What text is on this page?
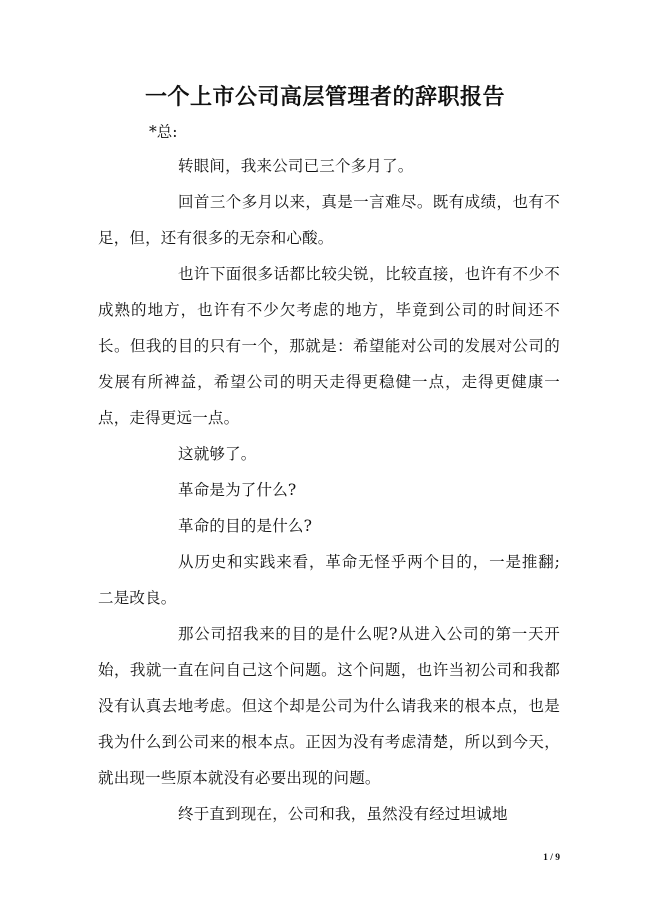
一个上市公司高层管理者的辞职报告

*总:

转眼间，我来公司已三个多月了。

回首三个多月以来，真是一言难尽。既有成绩，也有不足，但，还有很多的无奈和心酸。

也许下面很多话都比较尖锐，比较直接，也许有不少不成熟的地方，也许有不少欠考虑的地方，毕竟到公司的时间还不长。但我的目的只有一个，那就是：希望能对公司的发展对公司的发展有所裨益，希望公司的明天走得更稳健一点，走得更健康一点，走得更远一点。

这就够了。

革命是为了什么?

革命的目的是什么?

从历史和实践来看，革命无怪乎两个目的，一是推翻;二是改良。

那公司招我来的目的是什么呢?从进入公司的第一天开始，我就一直在问自己这个问题。这个问题，也许当初公司和我都没有认真去地考虑。但这个却是公司为什么请我来的根本点，也是我为什么到公司来的根本点。正因为没有考虑清楚，所以到今天，就出现一些原本就没有必要出现的问题。

终于直到现在，公司和我，虽然没有经过坦诚地

1 / 9
